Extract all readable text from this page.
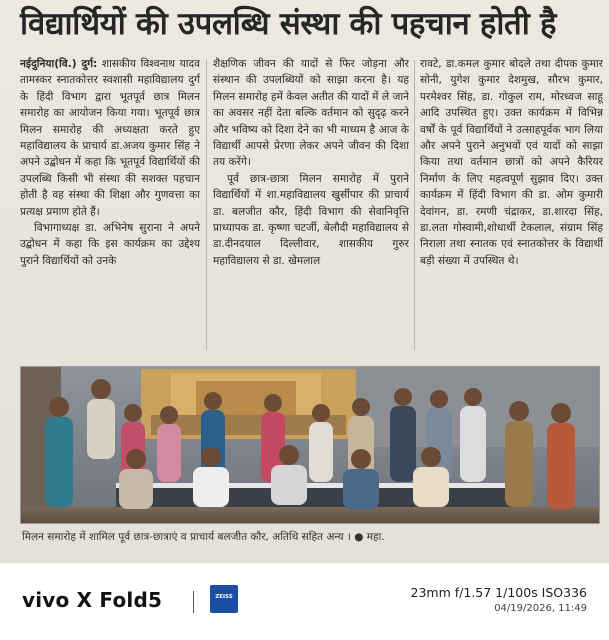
विद्यार्थियों की उपलब्धि संस्था की पहचान होती है

नईदुनिया(वि.) दुर्ग: शासकीय विश्वनाथ यादव तामस्कर स्नातकोत्तर स्वशासी महाविद्यालय दुर्ग के हिंदी विभाग द्वारा भूतपूर्व छात्र मिलन समारोह का आयोजन किया गया। भूतपूर्व छात्र मिलन समारोह की अध्यक्षता करते हुए महाविद्यालय के प्राचार्य डा.अजय कुमार सिंह ने अपने उद्बोधन में कहा कि भूतपूर्व विद्यार्थियों की उपलब्धि किसी भी संस्था की सशक्त पहचान होती है वह संस्था की शिक्षा और गुणवत्ता का प्रत्यक्ष प्रमाण होते हैं।

विभागाध्यक्ष डा. अभिनेष सुराना ने अपने उद्बोधन में कहा कि इस कार्यक्रम का उद्देश्य पुराने विद्यार्थियों को उनके

शैक्षणिक जीवन की यादों से फिर जोड़ना और संस्थान की उपलब्धियों को साझा करना है। यह मिलन समारोह हमें केवल अतीत की यादों में ले जाने का अवसर नहीं देता बल्कि वर्तमान को सुदृढ़ करने और भविष्य को दिशा देने का भी माध्यम है आज के विद्यार्थी आपसे प्रेरणा लेकर अपने जीवन की दिशा तय करेंगे।

पूर्व छात्र-छात्रा मिलन समारोह में पुराने विद्यार्थियों में शा.महाविद्यालय खुर्सीपार की प्राचार्य डा. बलजीत कौर, हिंदी विभाग की सेवानिवृत्ति प्राध्यापक डा. कृष्णा चटर्जी, बेलौदी महाविद्यालय से डा.दीनदयाल दिल्लीवार, शासकीय गुरुर महाविद्यालय से डा. खेमलाल

रावटे, डा.कमल कुमार बोदले तथा दीपक कुमार सोनी, युगेश कुमार देशमुख, सौरभ कुमार, परमेश्वर सिंह, डा. गोकुल राम, मोरध्वज साहू आदि उपस्थित हुए। उक्त कार्यक्रम में विभिन्न वर्षों के पूर्व विद्यार्थियों ने उत्साहपूर्वक भाग लिया और अपने पुराने अनुभवों एवं यादों को साझा किया तथा वर्तमान छात्रों को अपने कैरियर निर्माण के लिए महत्वपूर्ण सुझाव दिए। उक्त कार्यक्रम में हिंदी विभाग की डा. ओम कुमारी देवांगन, डा. रमणी चंद्राकर, डा.शारदा सिंह, डा.लता गोस्वामी,शोधार्थी टेकलाल, संग्राम सिंह निराला तथा स्नातक एवं स्नातकोत्तर के विद्यार्थी बड़ी संख्या में उपस्थित थे।

मिलन समारोह में शामिल पूर्व छात्र-छात्राएं व प्राचार्य बलजीत कौर, अतिथि सहित अन्य । ● महा.
vivo X Fold5	ZEISS	23mm f/1.57 1/100s ISO336
04/19/2026, 11:49
